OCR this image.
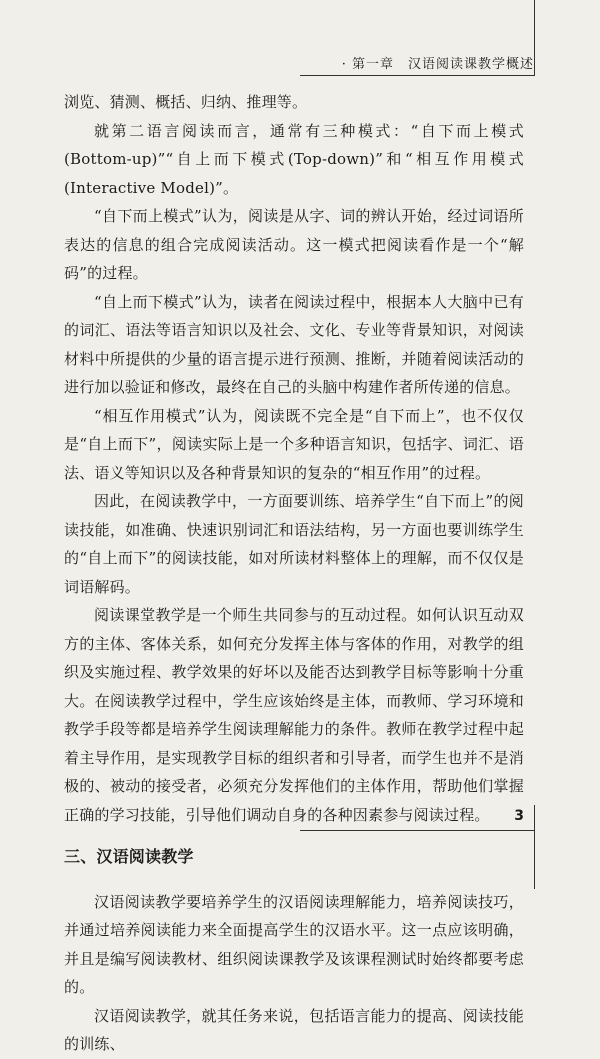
· 第一章　汉语阅读课教学概述

浏览、猜测、概括、归纳、推理等。

就第二语言阅读而言，通常有三种模式：“自下而上模式(Bottom-up)”“自上而下模式(Top-down)”和“相互作用模式(Interactive Model)”。

“自下而上模式”认为，阅读是从字、词的辨认开始，经过词语所表达的信息的组合完成阅读活动。这一模式把阅读看作是一个“解码”的过程。

“自上而下模式”认为，读者在阅读过程中，根据本人大脑中已有的词汇、语法等语言知识以及社会、文化、专业等背景知识，对阅读材料中所提供的少量的语言提示进行预测、推断，并随着阅读活动的进行加以验证和修改，最终在自己的头脑中构建作者所传递的信息。

“相互作用模式”认为，阅读既不完全是“自下而上”，也不仅仅是“自上而下”，阅读实际上是一个多种语言知识，包括字、词汇、语法、语义等知识以及各种背景知识的复杂的“相互作用”的过程。

因此，在阅读教学中，一方面要训练、培养学生“自下而上”的阅读技能，如准确、快速识别词汇和语法结构，另一方面也要训练学生的“自上而下”的阅读技能，如对所读材料整体上的理解，而不仅仅是词语解码。

阅读课堂教学是一个师生共同参与的互动过程。如何认识互动双方的主体、客体关系，如何充分发挥主体与客体的作用，对教学的组织及实施过程、教学效果的好坏以及能否达到教学目标等影响十分重大。在阅读教学过程中，学生应该始终是主体，而教师、学习环境和教学手段等都是培养学生阅读理解能力的条件。教师在教学过程中起着主导作用，是实现教学目标的组织者和引导者，而学生也并不是消极的、被动的接受者，必须充分发挥他们的主体作用，帮助他们掌握正确的学习技能，引导他们调动自身的各种因素参与阅读过程。

三、汉语阅读教学

汉语阅读教学要培养学生的汉语阅读理解能力，培养阅读技巧，并通过培养阅读能力来全面提高学生的汉语水平。这一点应该明确，并且是编写阅读教材、组织阅读课教学及该课程测试时始终都要考虑的。

汉语阅读教学，就其任务来说，包括语言能力的提高、阅读技能的训练、

3
